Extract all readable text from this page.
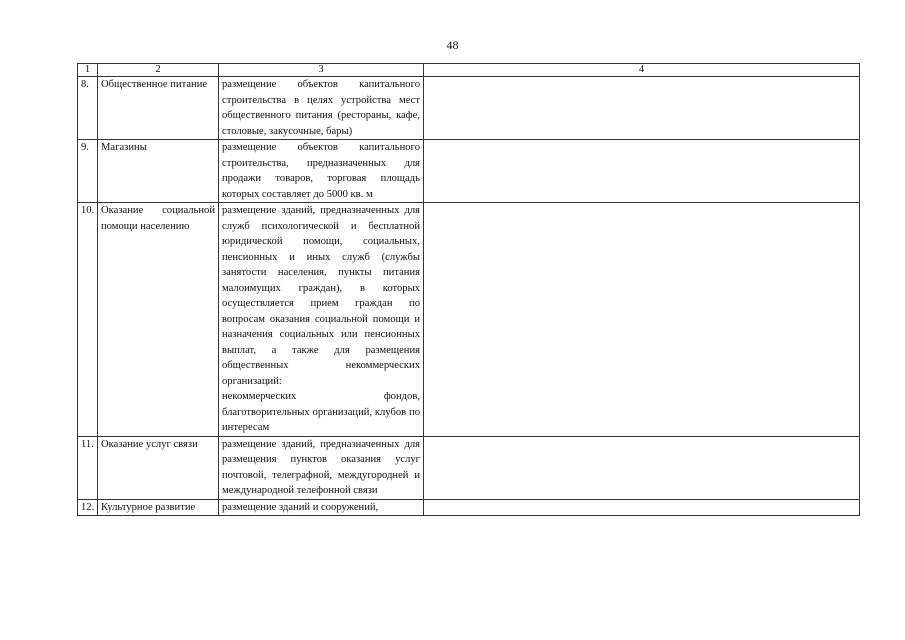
48
1	2	3	4
8.	Общественное питание	размещение объектов капитального строительства в целях устройства мест общественного питания (рестораны, кафе, столовые, закусочные, бары)	

9.	Магазины	размещение объектов капитального строительства, предназначенных для продажи товаров, торговая площадь которых составляет до 5000 кв. м	

10.	Оказание социальной помощи населению	размещение зданий, предназначенных для служб психологической и бесплатной юридической помощи, социальных, пенсионных и иных служб (службы занятости населения, пункты питания малоимущих граждан), в которых осуществляется прием граждан по вопросам оказания социальной помощи и назначения социальных или пенсионных выплат, а также для размещения общественных некоммерческих организаций:
некоммерческих фондов, благотворительных организаций, клубов по интересам	

11.	Оказание услуг связи	размещение зданий, предназначенных для размещения пунктов оказания услуг почтовой, телеграфной, междугородней и международной телефонной связи	

12.	Культурное развитие	размещение зданий и сооружений,	
